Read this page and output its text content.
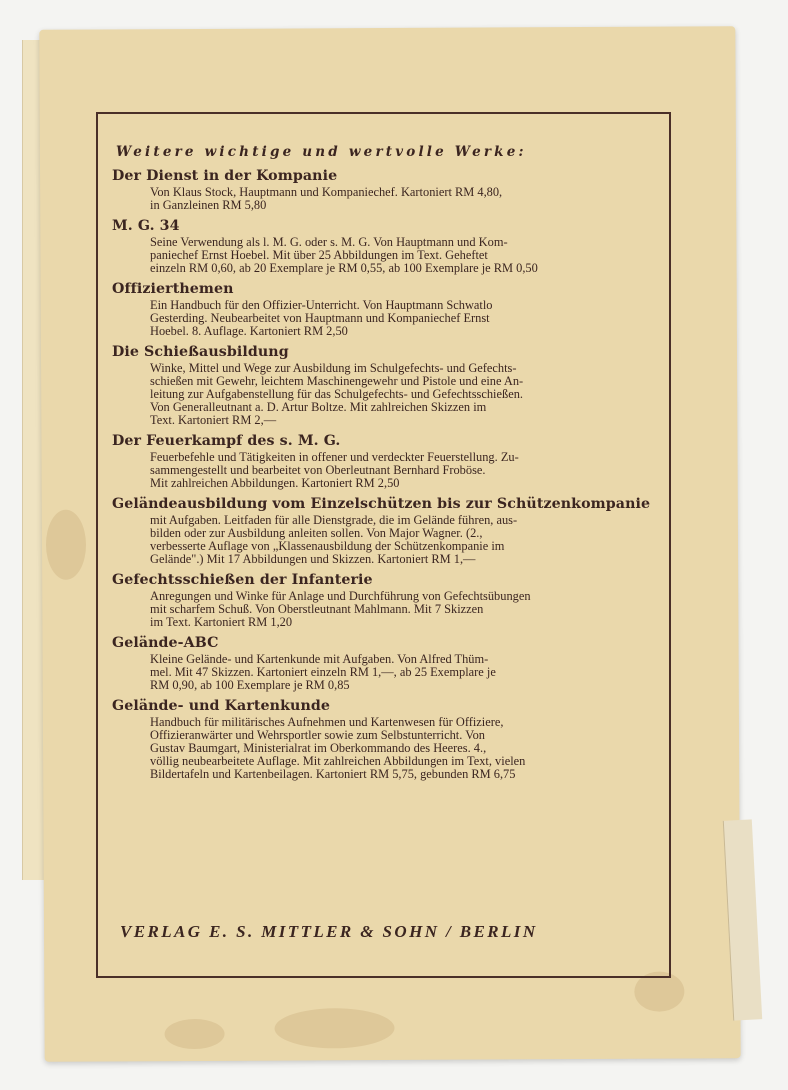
Weitere wichtige und wertvolle Werke:
Der Dienst in der Kompanie
Von Klaus Stock, Hauptmann und Kompaniechef. Kartoniert RM 4,80,
in Ganzleinen RM 5,80
M. G. 34
Seine Verwendung als l. M. G. oder s. M. G. Von Hauptmann und Kom-
paniechef Ernst Hoebel. Mit über 25 Abbildungen im Text. Geheftet
einzeln RM 0,60, ab 20 Exemplare je RM 0,55, ab 100 Exemplare je RM 0,50
Offizierthemen
Ein Handbuch für den Offizier-Unterricht. Von Hauptmann Schwatlo
Gesterding. Neubearbeitet von Hauptmann und Kompaniechef Ernst
Hoebel. 8. Auflage. Kartoniert RM 2,50
Die Schießausbildung
Winke, Mittel und Wege zur Ausbildung im Schulgefechts- und Gefechts-
schießen mit Gewehr, leichtem Maschinengewehr und Pistole und eine An-
leitung zur Aufgabenstellung für das Schulgefechts- und Gefechtsschießen.
Von Generalleutnant a. D. Artur Boltze. Mit zahlreichen Skizzen im
Text. Kartoniert RM 2,—
Der Feuerkampf des s. M. G.
Feuerbefehle und Tätigkeiten in offener und verdeckter Feuerstellung. Zu-
sammengestellt und bearbeitet von Oberleutnant Bernhard Froböse.
Mit zahlreichen Abbildungen. Kartoniert RM 2,50
Geländeausbildung vom Einzelschützen bis zur Schützenkompanie
mit Aufgaben. Leitfaden für alle Dienstgrade, die im Gelände führen, aus-
bilden oder zur Ausbildung anleiten sollen. Von Major Wagner. (2.,
verbesserte Auflage von „Klassenausbildung der Schützenkompanie im
Gelände".) Mit 17 Abbildungen und Skizzen. Kartoniert RM 1,—
Gefechtsschießen der Infanterie
Anregungen und Winke für Anlage und Durchführung von Gefechtsübungen
mit scharfem Schuß. Von Oberstleutnant Mahlmann. Mit 7 Skizzen
im Text. Kartoniert RM 1,20
Gelände-ABC
Kleine Gelände- und Kartenkunde mit Aufgaben. Von Alfred Thüm-
mel. Mit 47 Skizzen. Kartoniert einzeln RM 1,—, ab 25 Exemplare je
RM 0,90, ab 100 Exemplare je RM 0,85
Gelände- und Kartenkunde
Handbuch für militärisches Aufnehmen und Kartenwesen für Offiziere,
Offizieranwärter und Wehrsportler sowie zum Selbstunterricht. Von
Gustav Baumgart, Ministerialrat im Oberkommando des Heeres. 4.,
völlig neubearbeitete Auflage. Mit zahlreichen Abbildungen im Text, vielen
Bildertafeln und Kartenbeilagen. Kartoniert RM 5,75, gebunden RM 6,75
VERLAG E. S. MITTLER & SOHN / BERLIN
